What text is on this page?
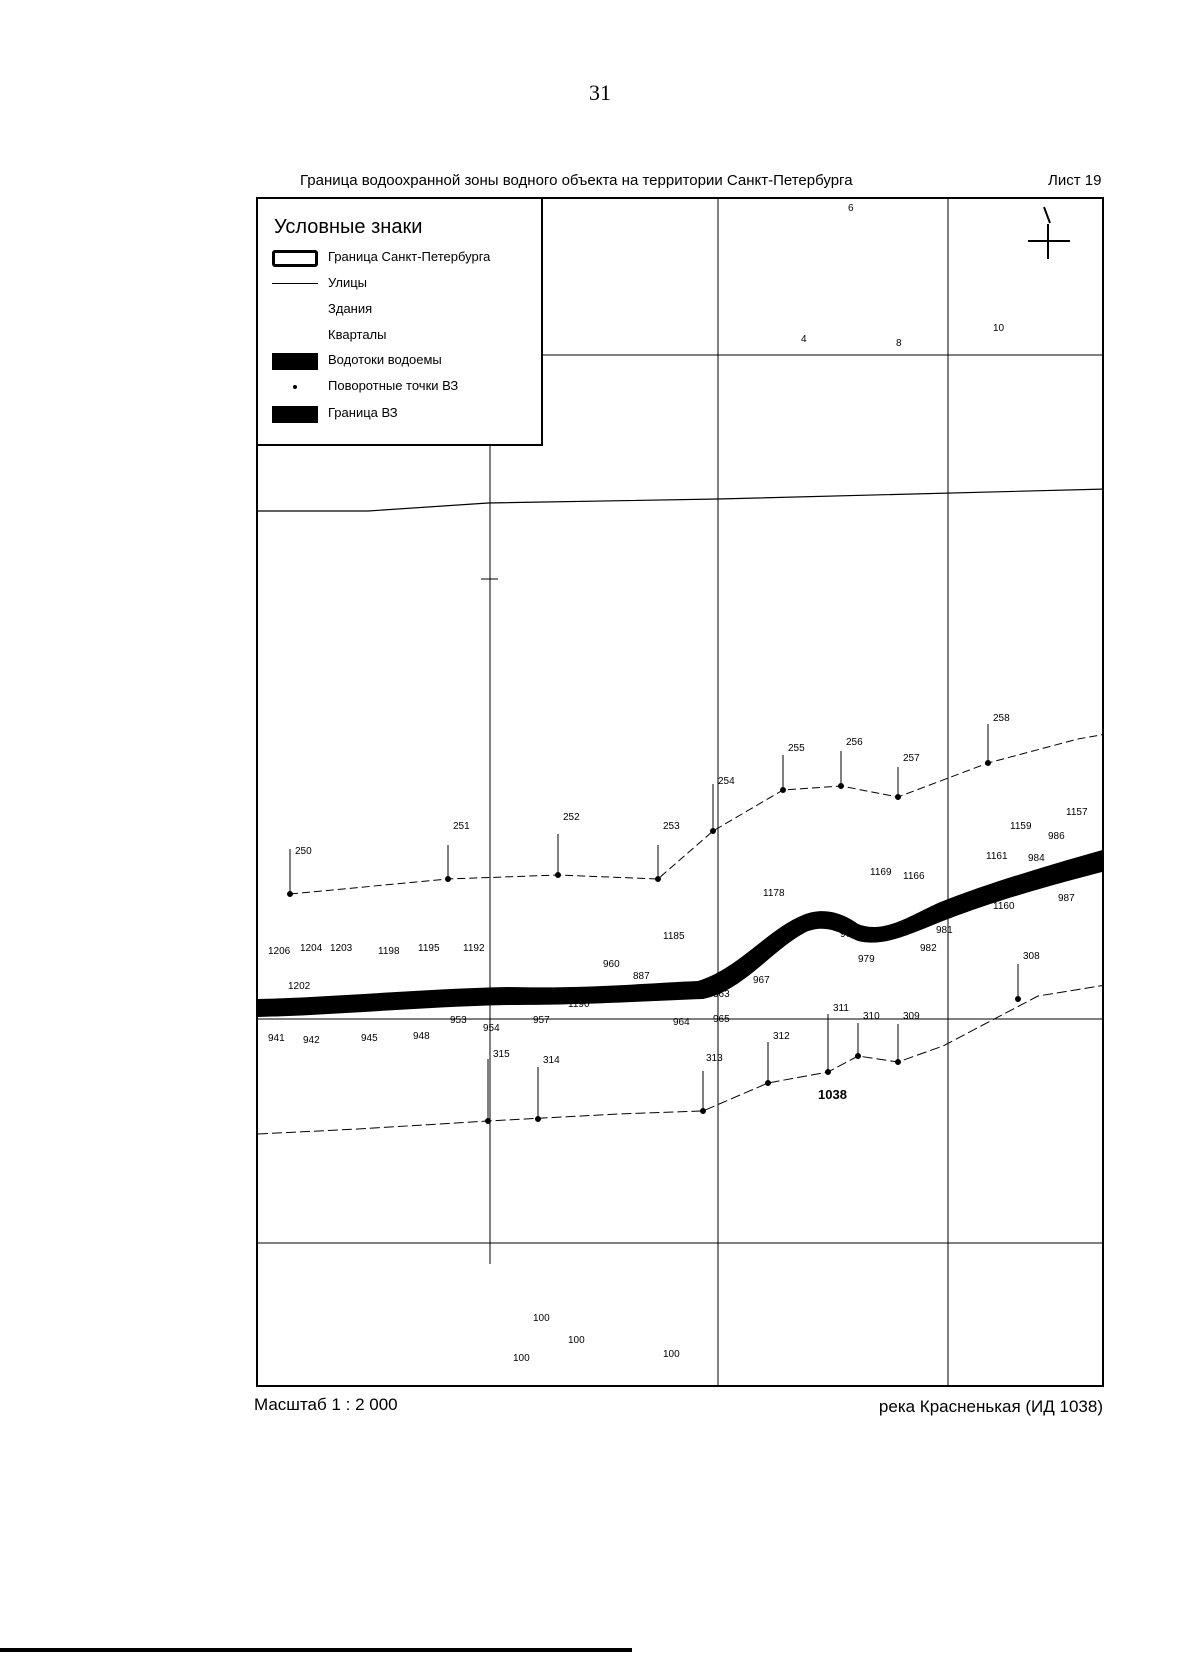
31
Граница водоохранной зоны водного объекта на территории Санкт-Петербурга	Лист 19
6
4	8
10
100
100
100	100
250
251
252
253
254
255
256
257
258
315
314	313
312
311
310 309
308
1206 1204 1203	1198 1195 1192
1202
941 942	945	948
953
954
957
960
887
1190
1185
963
964 965
967
1178
1169 1166
973
979
981
982
1161
1159
1160
986
984
985
987
1157
1038
Условные знаки
Граница Санкт-Петербурга
Улицы
Здания
Кварталы
Водотоки водоемы
Поворотные точки ВЗ
Граница ВЗ
Масштаб 1 : 2 000	река Красненькая (ИД 1038)
